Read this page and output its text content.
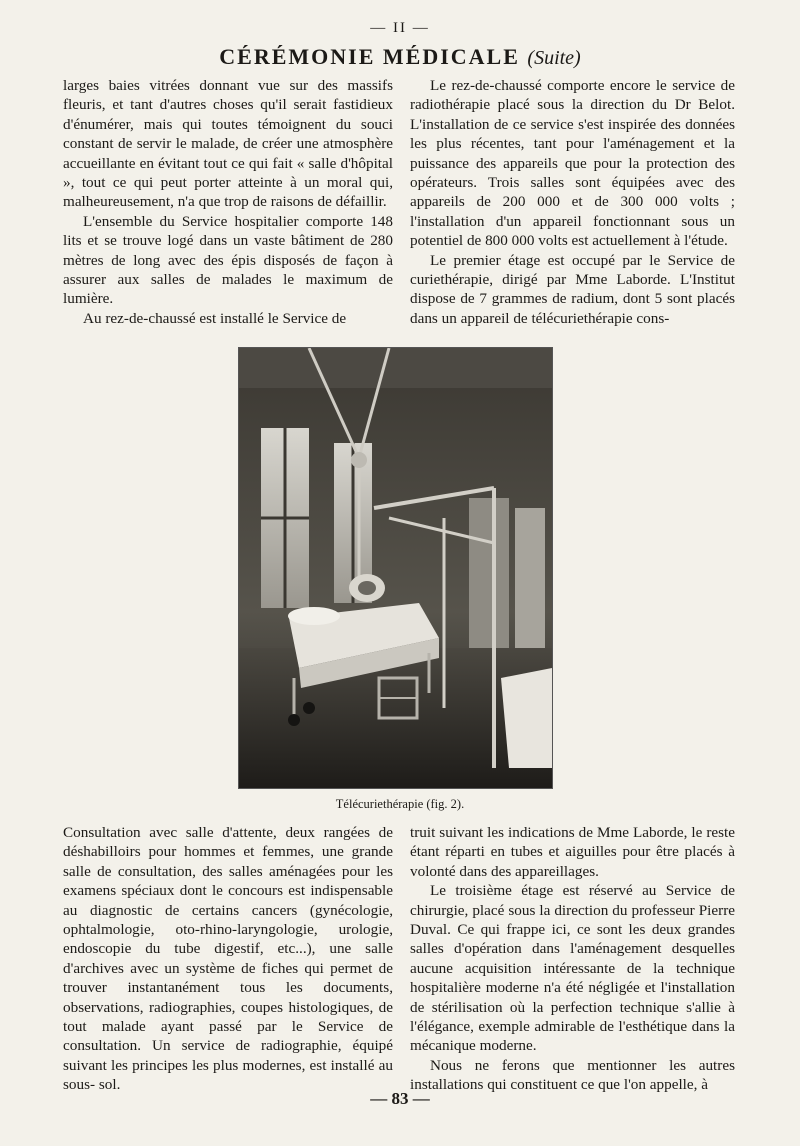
— II —
CÉRÉMONIE MÉDICALE (Suite)

larges baies vitrées donnant vue sur des massifs fleuris, et tant d'autres choses qu'il serait fastidieux d'énumérer, mais qui toutes témoignent du souci constant de servir le malade, de créer une atmosphère accueillante en évitant tout ce qui fait « salle d'hôpital », tout ce qui peut porter atteinte à un moral qui, malheureusement, n'a que trop de raisons de défaillir.

L'ensemble du Service hospitalier comporte 148 lits et se trouve logé dans un vaste bâtiment de 280 mètres de long avec des épis disposés de façon à assurer aux salles de malades le maximum de lumière.

Au rez-de-chaussé est installé le Service de

Le rez-de-chaussé comporte encore le service de radiothérapie placé sous la direction du Dr Belot. L'installation de ce service s'est inspirée des données les plus récentes, tant pour l'aménagement et la puissance des appareils que pour la protection des opérateurs. Trois salles sont équipées avec des appareils de 200 000 et de 300 000 volts ; l'installation d'un appareil fonctionnant sous un potentiel de 800 000 volts est actuellement à l'étude.

Le premier étage est occupé par le Service de curiethérapie, dirigé par Mme Laborde. L'Institut dispose de 7 grammes de radium, dont 5 sont placés dans un appareil de télécuriethérapie cons-

Télécuriethérapie (fig. 2).

Consultation avec salle d'attente, deux rangées de déshabilloirs pour hommes et femmes, une grande salle de consultation, des salles aménagées pour les examens spéciaux dont le concours est indispensable au diagnostic de certains cancers (gynécologie, ophtalmologie, oto-rhino-laryngologie, urologie, endoscopie du tube digestif, etc...), une salle d'archives avec un système de fiches qui permet de trouver instantanément tous les documents, observations, radiographies, coupes histologiques, de tout malade ayant passé par le Service de consultation. Un service de radiographie, équipé suivant les principes les plus modernes, est installé au sous- sol.

truit suivant les indications de Mme Laborde, le reste étant réparti en tubes et aiguilles pour être placés à volonté dans des appareillages.

Le troisième étage est réservé au Service de chirurgie, placé sous la direction du professeur Pierre Duval. Ce qui frappe ici, ce sont les deux grandes salles d'opération dans l'aménagement desquelles aucune acquisition intéressante de la technique hospitalière moderne n'a été négligée et l'installation de stérilisation où la perfection technique s'allie à l'élégance, exemple admirable de l'esthétique dans la mécanique moderne.

Nous ne ferons que mentionner les autres installations qui constituent ce que l'on appelle, à

— 83 —
